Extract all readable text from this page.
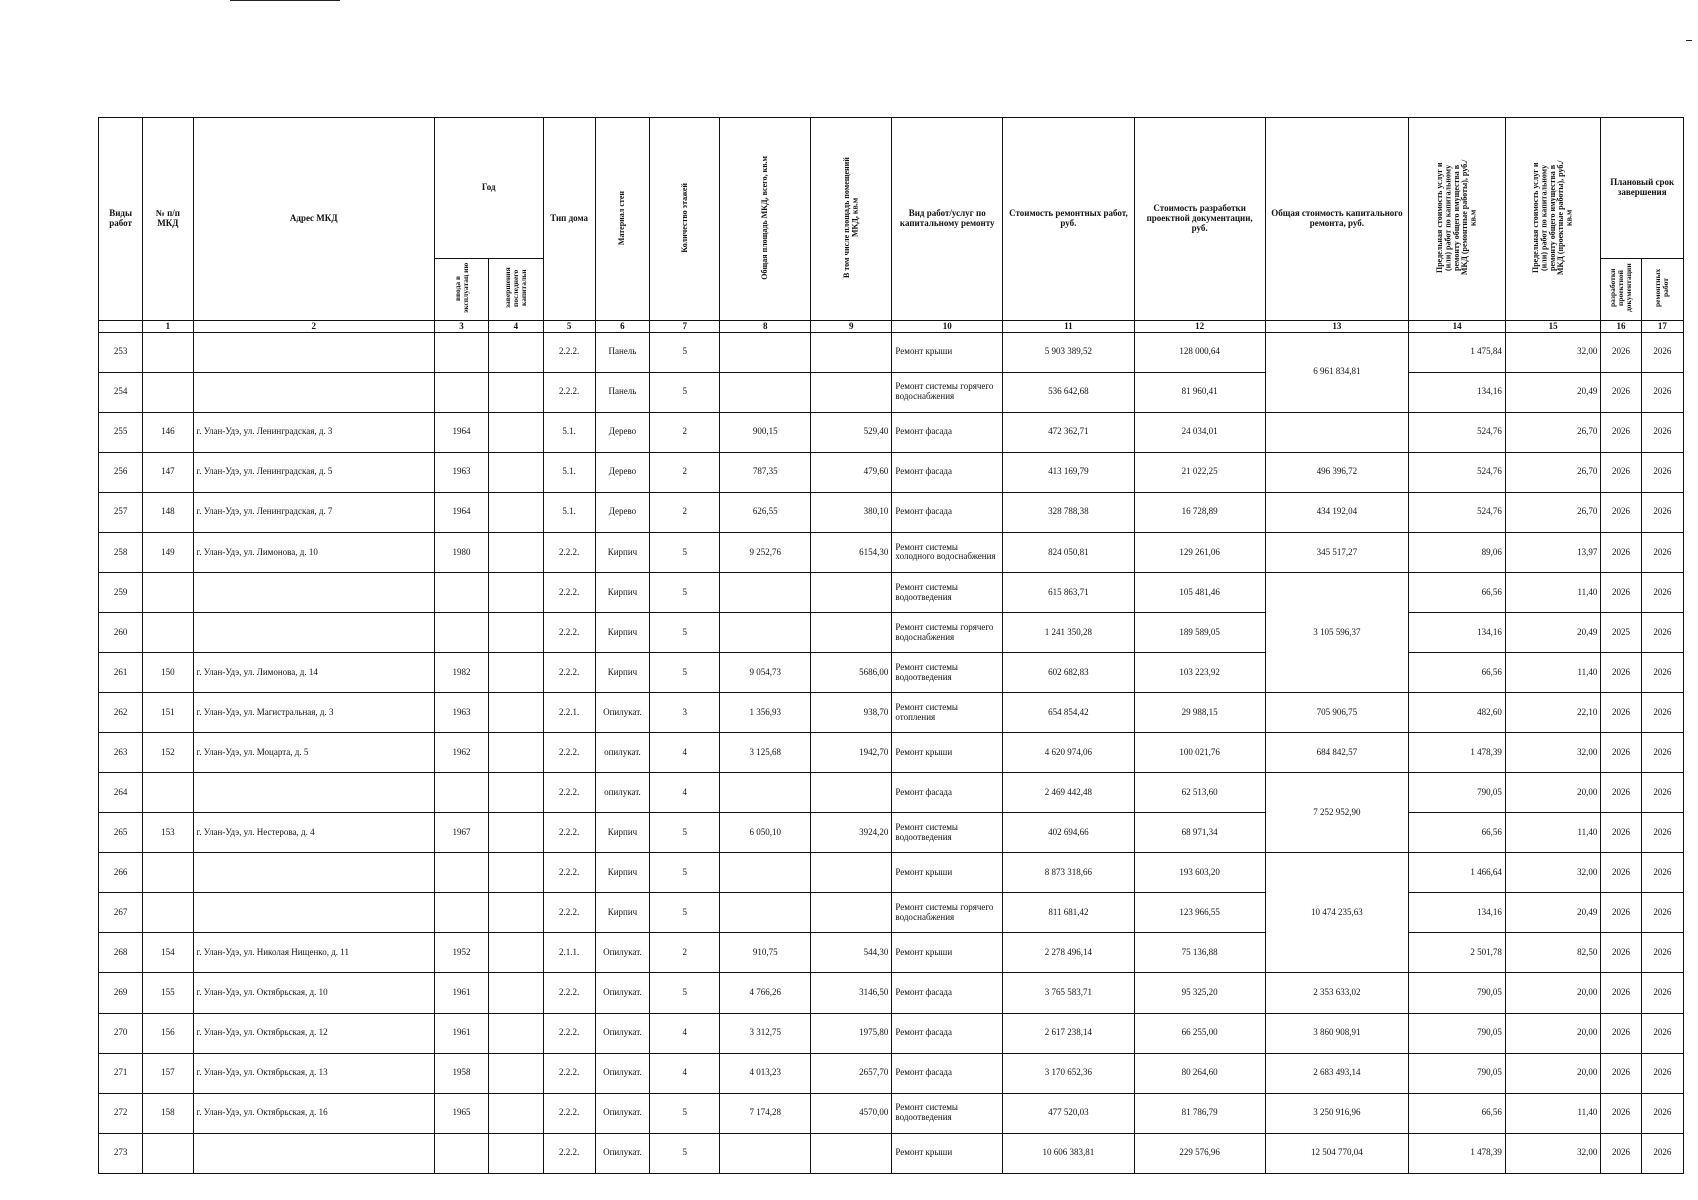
Виды работ	№ п/п МКД	Адрес МКД	Год		Тип дома	Материал стен	Количество этажей	Общая площадь МКД, всего, кв.м	В том числе площадь помещений МКД, кв.м	Вид работ/услуг по капитальному ремонту	Стоимость ремонтных работ, руб.	Стоимость разработки проектной документации, руб.	Общая стоимость капитального ремонта, руб.	Предельная стоимость услуг и (или) работ по капитальному ремонту общего имущества в МКД (ремонтные работы), руб./кв.м	Предельная стоимость услуг и (или) работ по капитальному ремонту общего имущества в МКД (проектные работы), руб./кв.м	Плановый срок завершения	
			ввода в эксплуатац ию	завершения последнего капитальн												разработки проектной документации	ремонтных работ
	1	2	3	4	5	6	7	8	9	10	11	12	13	14	15	16	17
253					2.2.2.	Панель	5			Ремонт крыши	5 903 389,52	128 000,64	6 961 834,81	1 475,84	32,00	2026	2026
254					2.2.2.	Панель	5			Ремонт системы горячего водоснабжения	536 642,68	81 960,41		134,16	20,49	2026	2026
255	146	г. Улан-Удэ, ул. Ленинградская, д. 3	1964		5.1.	Дерево	2	900,15	529,40	Ремонт фасада	472 362,71	24 034,01		524,76	26,70	2026	2026
256	147	г. Улан-Удэ, ул. Ленинградская, д. 5	1963		5.1.	Дерево	2	787,35	479,60	Ремонт фасада	413 169,79	21 022,25	496 396,72	524,76	26,70	2026	2026
257	148	г. Улан-Удэ, ул. Ленинградская, д. 7	1964		5.1.	Дерево	2	626,55	380,10	Ремонт фасада	328 788,38	16 728,89	434 192,04	524,76	26,70	2026	2026
258	149	г. Улан-Удэ, ул. Лимонова, д. 10	1980		2.2.2.	Кирпич	5	9 252,76	6154,30	Ремонт системы холодного водоснабжения	824 050,81	129 261,06	345 517,27	89,06	13,97	2026	2026
259					2.2.2.	Кирпич	5			Ремонт системы водоотведения	615 863,71	105 481,46	3 105 596,37	66,56	11,40	2026	2026
260					2.2.2.	Кирпич	5			Ремонт системы горячего водоснабжения	1 241 350,28	189 589,05		134,16	20,49	2025	2026
261	150	г. Улан-Удэ, ул. Лимонова, д. 14	1982		2.2.2.	Кирпич	5	9 054,73	5686,00	Ремонт системы водоотведения	602 682,83	103 223,92		66,56	11,40	2026	2026
262	151	г. Улан-Удэ, ул. Магистральная, д. 3	1963		2.2.1.	Опилукат.	3	1 356,93	938,70	Ремонт системы отопления	654 854,42	29 988,15	705 906,75	482,60	22,10	2026	2026
263	152	г. Улан-Удэ, ул. Моцарта, д. 5	1962		2.2.2.	опилукат.	4	3 125,68	1942,70	Ремонт крыши	4 620 974,06	100 021,76	684 842,57	1 478,39	32,00	2026	2026
264					2.2.2.	опилукат.	4			Ремонт фасада	2 469 442,48	62 513,60	7 252 952,90	790,05	20,00	2026	2026
265	153	г. Улан-Удэ, ул. Нестерова, д. 4	1967		2.2.2.	Кирпич	5	6 050,10	3924,20	Ремонт системы водоотведения	402 694,66	68 971,34		66,56	11,40	2026	2026
266					2.2.2.	Кирпич	5			Ремонт крыши	8 873 318,66	193 603,20	10 474 235,63	1 466,64	32,00	2026	2026
267					2.2.2.	Кирпич	5			Ремонт системы горячего водоснабжения	811 681,42	123 966,55		134,16	20,49	2026	2026
268	154	г. Улан-Удэ, ул. Николая Нищенко, д. 11	1952		2.1.1.	Опилукат.	2	910,75	544,30	Ремонт крыши	2 278 496,14	75 136,88		2 501,78	82,50	2026	2026
269	155	г. Улан-Удэ, ул. Октябрьская, д. 10	1961		2.2.2.	Опилукат.	5	4 766,26	3146,50	Ремонт фасада	3 765 583,71	95 325,20	2 353 633,02	790,05	20,00	2026	2026
270	156	г. Улан-Удэ, ул. Октябрьская, д. 12	1961		2.2.2.	Опилукат.	4	3 312,75	1975,80	Ремонт фасада	2 617 238,14	66 255,00	3 860 908,91	790,05	20,00	2026	2026
271	157	г. Улан-Удэ, ул. Октябрьская, д. 13	1958		2.2.2.	Опилукат.	4	4 013,23	2657,70	Ремонт фасада	3 170 652,36	80 264,60	2 683 493,14	790,05	20,00	2026	2026
272	158	г. Улан-Удэ, ул. Октябрьская, д. 16	1965		2.2.2.	Опилукат.	5	7 174,28	4570,00	Ремонт системы водоотведения	477 520,03	81 786,79	3 250 916,96	66,56	11,40	2026	2026
273					2.2.2.	Опилукат.	5			Ремонт крыши	10 606 383,81	229 576,96	12 504 770,04	1 478,39	32,00	2026	2026
